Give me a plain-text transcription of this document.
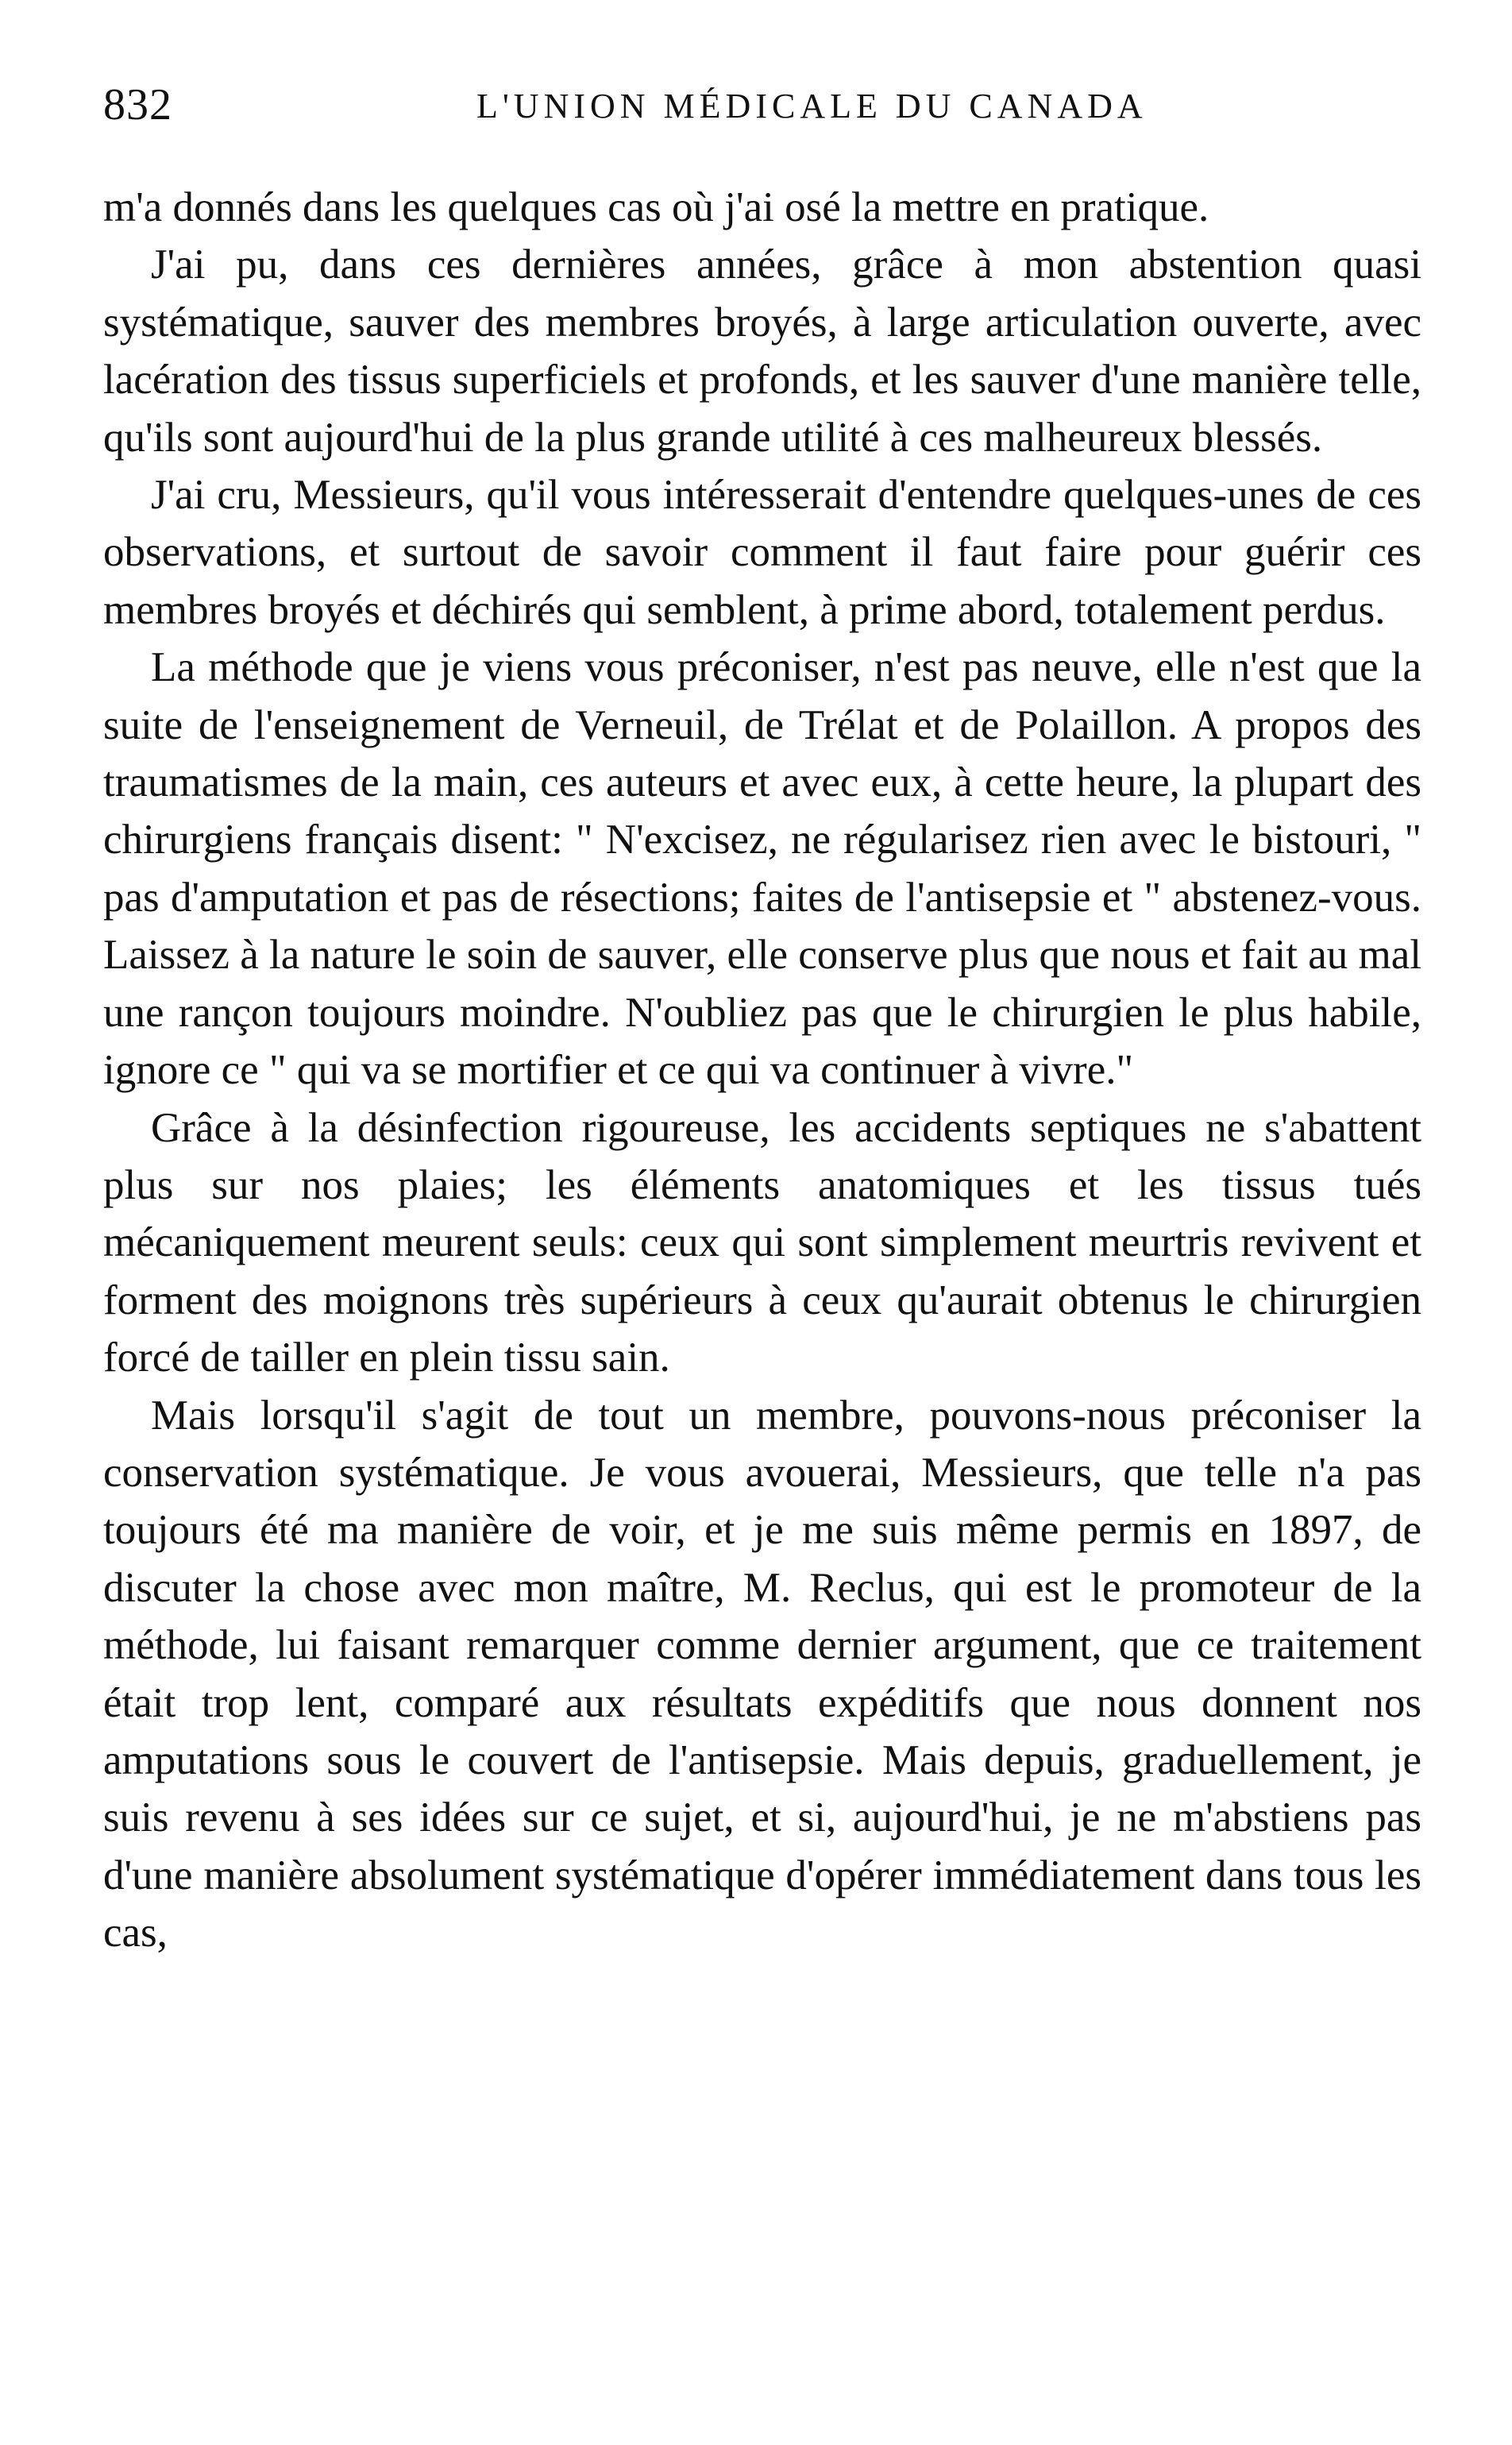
832	L'UNION MÉDICALE DU CANADA

m'a donnés dans les quelques cas où j'ai osé la mettre en pratique.

J'ai pu, dans ces dernières années, grâce à mon abstention quasi systématique, sauver des membres broyés, à large articulation ouverte, avec lacération des tissus superficiels et profonds, et les sauver d'une manière telle, qu'ils sont aujourd'hui de la plus grande utilité à ces malheureux blessés.

J'ai cru, Messieurs, qu'il vous intéresserait d'entendre quelques-unes de ces observations, et surtout de savoir comment il faut faire pour guérir ces membres broyés et déchirés qui semblent, à prime abord, totalement perdus.

La méthode que je viens vous préconiser, n'est pas neuve, elle n'est que la suite de l'enseignement de Verneuil, de Trélat et de Polaillon. A propos des traumatismes de la main, ces auteurs et avec eux, à cette heure, la plupart des chirurgiens français disent: " N'excisez, ne régularisez rien avec le bistouri, " pas d'amputation et pas de résections; faites de l'antisepsie et " abstenez-vous. Laissez à la nature le soin de sauver, elle conserve plus que nous et fait au mal une rançon toujours moindre. N'oubliez pas que le chirurgien le plus habile, ignore ce " qui va se mortifier et ce qui va continuer à vivre."

Grâce à la désinfection rigoureuse, les accidents septiques ne s'abattent plus sur nos plaies; les éléments anatomiques et les tissus tués mécaniquement meurent seuls: ceux qui sont simplement meurtris revivent et forment des moignons très supérieurs à ceux qu'aurait obtenus le chirurgien forcé de tailler en plein tissu sain.

Mais lorsqu'il s'agit de tout un membre, pouvons-nous préconiser la conservation systématique. Je vous avouerai, Messieurs, que telle n'a pas toujours été ma manière de voir, et je me suis même permis en 1897, de discuter la chose avec mon maître, M. Reclus, qui est le promoteur de la méthode, lui faisant remarquer comme dernier argument, que ce traitement était trop lent, comparé aux résultats expéditifs que nous donnent nos amputations sous le couvert de l'antisepsie. Mais depuis, graduellement, je suis revenu à ses idées sur ce sujet, et si, aujourd'hui, je ne m'abstiens pas d'une manière absolument systématique d'opérer immédiatement dans tous les cas,
